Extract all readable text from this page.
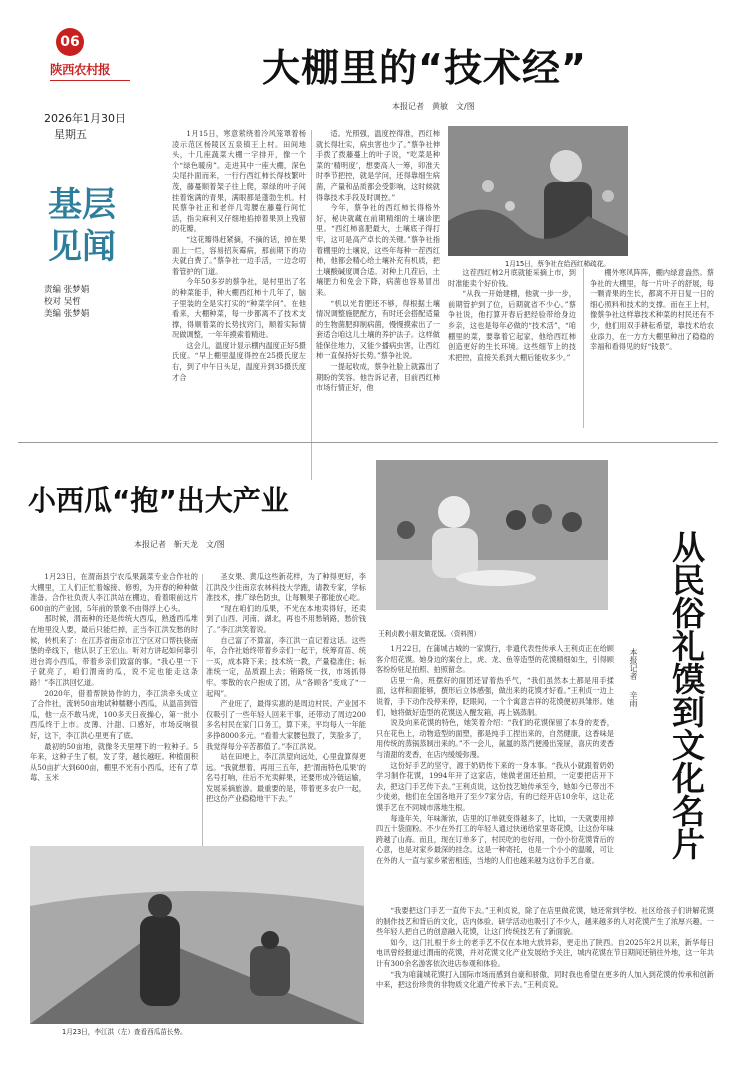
06
陕西农村报
2026年1月30日
星期五
基层
见闻
责编 张梦娟
校对 吴哲
美编 张梦娟
大棚里的“技术经”
本报记者　黄敏　文/图

1月15日，寒意萦绕着冷风笼罩着杨凌示范区杨陵区五泉镇王上村。田间地头，十几座蔬菜大棚一字排开，像一个个“绿色暖房”。走进其中一座大棚，深色尖尾扑面而来，一行行西红柿长得枝繁叶茂，藤蔓顺着架子往上爬，翠绿的叶子间挂着饱满的青果，满眼都是蓬勃生机。村民蔡争社正和老伴几弯腰在藤蔓行间忙活，指尖麻利又仔细地掐掉着果顶上残留的花瓣。

“这花瓣得赶紧摘，不摘的话，掉在果面上一烂，容易招灰霉病，那前期下的功夫就白费了。”蔡争社一边手活，一边念叨着管护的门道。

今年50多岁的蔡争社，是村里出了名的种菜能手，种大棚西红柿十几年了，脑子里装的全是实打实的“种菜学问”。在他看来，大棚种菜，每一步都离不了技术支撑，得顺着菜的长势找窍门，顺着实际情况做调整，一年年摸索着精进。

这会儿，温度计显示棚内温度正好5摄氏度。“早上棚里温度得控在25摄氏度左右，到了中午日头足，温度升到35摄氏度才合

适。光照强，温度控得准，西红柿就长得壮实，病虫害也少了。”蔡争社伸手拨了拨藤蔓上的叶子说，“吃菜是种菜的‘精明度’，想要高人一筹，卯准天时季节把控，就是学问，还得靠细生病菌，产量和品质都会受影响，这时候就得靠技术手段及时调控。”

今年，蔡争社的西红柿长得格外好，秘诀就藏在前期精细的土壤诊肥里。“西红柿喜肥最大，土壤底子得打牢，这可是高产卓长的关键。”蔡争社指着棚里的土壤说，这些年每种一茬西红柿，他都会精心给土壤补充有机质，把土壤酸碱度调合适。对种上几茬后，土壤肥力和免会下降，病菌也容易冒出来。

“机以光肯肥还不够，得根据土壤情况调整施肥配方，有时还会搭配适量的生物菌肥抑制病菌，慢慢摸索出了一套适合咱这儿土壤的养护法子。这样做能保住地力，又能少播病虫害，让西红柿一直保持好长势。”蔡争社说。

一提起收成，蔡争社脸上就露出了期盼的笑容。他告诉记者，目前西红柿市场行情正好，他

1月15日，蔡争社在给西红柿疏花。

这茬西红柿2月底就能采摘上市，到时准能卖个好价钱。

“从我一开始建棚，他就一步一步，前期管护到了位，后期就省不少心。”蔡争社说，他打算开春后把经验带给身边乡亲，这也是每年必做的“技术活”，“咱棚里的菜，要靠着它起家，他给西红柿创造更好的生长环境。这些细节上的技术把控，直接关系到大棚后能收多少。”

棚外寒风阵阵，棚内绿意盎然。蔡争社的大棚里，每一片叶子的舒展，每一颗青果的生长，都离不开日复一日的细心照料和技术的支撑。而在王上村，像蔡争社这样靠技术种菜的村民还有不少，他们用双手耕耘希望，靠技术给农业添力，在一方方大棚里种出了稳稳的幸福和看得见的好“钱景”。

小西瓜“抱”出大产业
本报记者　靳天龙　文/图

1月23日，在渭南县宁农瓜果蔬菜专业合作社的大棚里，工人们正忙着嫁接、修剪，为开春的种种做准备。合作社负责人李江洪站在棚边，看着眼前这片600亩的产业园，5年前的景象不由得浮上心头。

那时候，渭南种的还是传统大西瓜，熟透西瓜堆在地里没人要，最后只能烂掉，正当李江洪发愁的时候，转机来了：在江苏省南京市江宁区对口帮扶骁南堡的牵线下，他认识了王宏山。听对方讲起如何靠引进台湾小西瓜，带着乡亲们致富的事。“我心里一下子就亮了，咱们渭南的瓜，说不定也能走这条路！”李江洪回忆道。

2020年，借着帮陕协作的力，李江洪牵头成立了合作社，流转50亩地试种糯糖小西瓜，从温苗到管瓜，他一点不敢马虎，100多天日夜操心，第一批小西瓜终于上市。皮薄、汁甜、口感好，市场反响很好，这下，李江洪心里更有了底。

最初的50亩地，就像冬天里埋下的一粒种子。5年来，这种子生了根，发了芽，越长越旺。种植面积从50亩扩大到600亩，棚里不光有小西瓜，还有了草莓、玉米

圣女果、黄瓜这些新花样，为了种得更好，李江洪没少往南京农林科技大学跑，请教专家，学标准技术，推广绿色防虫，让每颗果子都能放心吃。

“现在咱们的瓜果，不光在本地卖得好，还卖到了山西、河南、湖北，再也不用愁销路，愁价钱了。”李江洪笑着说。

自己富了不算富，李江洪一直记着这话。这些年，合作社始终带着乡亲们一起干，统筹育苗、统一买，成本降下来；技术统一教，产量稳准住；标准统一定，品质跟上去；销路统一找，市场抓得牢。零散的农户抱成了团，从“各顾各”变成了“一起闯”。

产业旺了，最得实惠的是周边村民。产业园不仅吸引了一些年轻人回来干事，还带动了周边200多名村民在家门口务工，算下来，平均每人一年能多挣8000多元。“看着大家腰包鼓了，笑脸多了，我觉得每分辛苦都值了。”李江洪说。

站在田埂上，李江洪望向远处，心里盘算得更远。“我就想着，再用三五年，把‘渭南特色瓜果’的名号打响，往后不光卖鲜果，还要形成冷链运输，发展采摘旅游。最重要的是，带着更多农户一起，把这份产业稳稳地干下去。”

1月23日，李江洪（左）查看西瓜苗长势。
王利贞教小朋友做花馍。（资料图）	从民俗礼馍到文化名片
本报记者 辛雨

1月22日，在蒲城古城的一家馍行，非遗代表性传承人王利贞正在给顾客介绍花馍。她身边的案台上，虎、龙、鱼等造型的花馍精细如生，引得顾客纷纷驻足拍照、拍照留念。

店里一角，班摆好的面团还冒着热乎气，“我们虽然本土都是用手揉面，这样和面能够，撰形后立体感强，做出来的花馍才好看。”王利贞一边上说着，手下动作没停来停，眨眼间，一个个寓意吉祥的花馍便初具雏形。她们，她将做好造型的花馍送入醒发箱，再上锅蒸制。

说及向来花馍的特色，她笑着介绍：“我们的花馍保留了本身的麦香，只在花色上，动物造型的面塑，都是纯手工捏出来的，自然健康，这香味是用传统的蒸锅蒸制出来的。”不一会儿，氤氲的蒸汽便漫出笼屉，喜庆的麦香与清甜的麦香，在店内缓缓弥漫。

这份好手艺的坚守，源于奶奶传下来的一身本事。“我从小就跟着奶奶学习制作花馍，1994年开了这家店，她做老面还拍照，一定要把店开下去，把这门手艺传下去。”王利贞说，这份技艺她传承至今，她如今已带出不少徒弟，他们在全国各地开了至少7家分店，有的已经开店10余年，这让花馍手艺在不同城市落地生根。

每逢年关，年味渐浓，店里的订单就变得越多了，比如，一天就要用掉四五十袋面粉。不少在外打工的年轻人通过快递给家里寄花馍，让这份年味跨越了山海。而且，现在订单多了，村民吃的也好用，一份小份花馍背后的心意，也是对家乡最深的挂念。这是一种寄托，也是一个小小的温暖，可让在外的人一直与家乡紧密相连，当地的人们也越来越为这份手艺自豪。

“我要把这门手艺一直传下去。”王利贞说，除了在店里做花馍，她还常到学校、社区给孩子们讲解花馍的制作技艺和背后的文化，店内体验、研学活动也吸引了不少人，越来越多的人对花馍产生了浓厚兴趣。一些年轻人把自己的创意融入花馍，让这门传统技艺有了新面貌。

如今，这门扎根于乡土的老手艺不仅在本地大放异彩，更走出了陕西。自2025年2月以来，新华每日电讯曾经报道过渭南的花馍，并对花馍文化产业发展给予关注，城内花馍在节日期间还销往外地，这一年共计有300余名游客依次进店参观和体验。

“我为咱蒲城花馍打入国际市场而感到自豪和骄傲，同时我也希望在更多的人加入到花馍的传承和创新中来，把这份珍贵的非物质文化遗产传承下去。”王利贞说。
